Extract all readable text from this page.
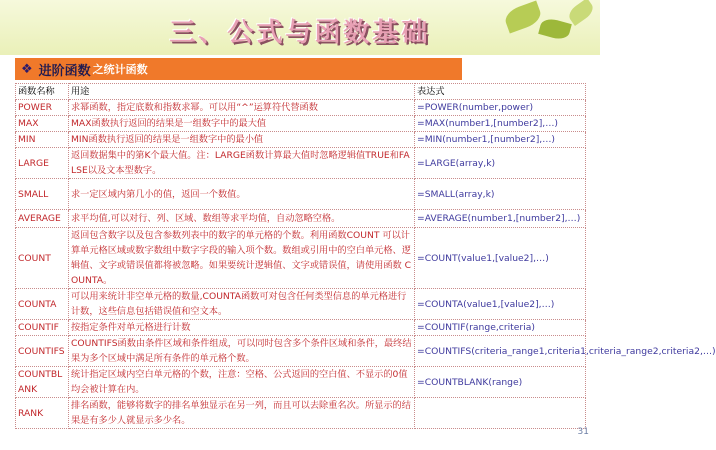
三、公式与函数基础
❖ 进阶函数 之统计函数
函数名称	用途	表达式
POWER	求幂函数，指定底数和指数求幂。可以用“^”运算符代替函数	=POWER(number,power)
MAX	MAX函数执行返回的结果是一组数字中的最大值	=MAX(number1,[number2],…)
MIN	MIN函数执行返回的结果是一组数字中的最小值	=MIN(number1,[number2],…)
LARGE	返回数据集中的第K个最大值。注：LARGE函数计算最大值时忽略逻辑值TRUE和FALSE以及文本型数字。	=LARGE(array,k)
SMALL	求一定区域内第几小的值，返回一个数值。	=SMALL(array,k)
AVERAGE	求平均值,可以对行、列、区域、数组等求平均值，自动忽略空格。	=AVERAGE(number1,[number2],…)
COUNT	返回包含数字以及包含参数列表中的数字的单元格的个数。利用函数COUNT 可以计算单元格区域或数字数组中数字字段的输入项个数。数组或引用中的空白单元格、逻辑值、文字或错误值都将被忽略。如果要统计逻辑值、文字或错误值，请使用函数 COUNTA。	=COUNT(value1,[value2],…)
COUNTA	可以用来统计非空单元格的数量,COUNTA函数可对包含任何类型信息的单元格进行计数，这些信息包括错误值和空文本。	=COUNTA(value1,[value2],…)
COUNTIF	按指定条件对单元格进行计数	=COUNTIF(range,criteria)
COUNTIFS	COUNTIFS函数由条件区域和条件组成，可以同时包含多个条件区域和条件，最终结果为多个区域中满足所有条件的单元格个数。	=COUNTIFS(criteria_range1,criteria1,criteria_range2,criteria2,…)
COUNTBLANK	统计指定区域内空白单元格的个数，注意：空格、公式返回的空白值、不显示的0值均会被计算在内。	=COUNTBLANK(range)
RANK	排名函数，能够将数字的排名单独显示在另一列，而且可以去除重名次。所显示的结果是有多少人就显示多少名。	
31
